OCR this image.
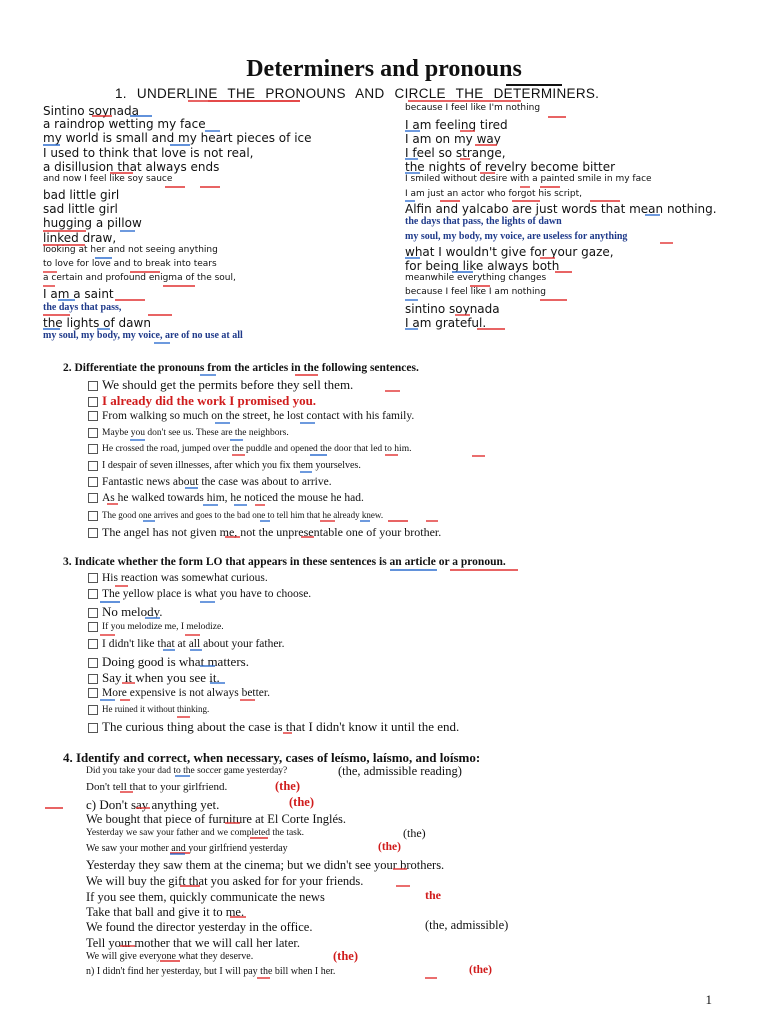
Determiners and pronouns
1. UNDERLINE THE PRONOUNS AND CIRCLE THE DETERMINERS.
Sintino soynada
a raindrop wetting my face
my world is small and my heart pieces of ice
I used to think that love is not real,
a disillusion that always ends
and now I feel like soy sauce
bad little girl
sad little girl
hugging a pillow
linked draw,
looking at her and not seeing anything
to love for love and to break into tears
a certain and profound enigma of the soul,
I am a saint
the days that pass,
the lights of dawn
my soul, my body, my voice, are of no use at all
because I feel like I'm nothing
I am feeling tired
I am on my way
I feel so strange,
the nights of revelry become bitter
I smiled without desire with a painted smile in my face
I am just an actor who forgot his script,
Alfin and yalcabo are just words that mean nothing.
the days that pass, the lights of dawn
my soul, my body, my voice, are useless for anything
what I wouldn't give for your gaze,
for being like always both
meanwhile everything changes
because I feel like I am nothing
sintino soynada
I am grateful.
2. Differentiate the pronouns from the articles in the following sentences.
We should get the permits before they sell them.
I already did the work I promised you.
From walking so much on the street, he lost contact with his family.
Maybe you don't see us. These are the neighbors.
He crossed the road, jumped over the puddle and opened the door that led to him.
I despair of seven illnesses, after which you fix them yourselves.
Fantastic news about the case was about to arrive.
As he walked towards him, he noticed the mouse he had.
The good one arrives and goes to the bad one to tell him that he already knew.
The angel has not given me, not the unpresentable one of your brother.
3. Indicate whether the form LO that appears in these sentences is an article or a pronoun.
His reaction was somewhat curious.
The yellow place is what you have to choose.
No melody.
If you melodize me, I melodize.
I didn't like that at all about your father.
Doing good is what matters.
Say it when you see it.
More expensive is not always better.
He ruined it without thinking.
The curious thing about the case is that I didn't know it until the end.
4. Identify and correct, when necessary, cases of leísmo, laísmo, and loísmo:
Did you take your dad to the soccer game yesterday?	(the, admissible reading)
Don't tell that to your girlfriend.	(the)
c) Don't say anything yet.	(the)
We bought that piece of furniture at El Corte Inglés.
Yesterday we saw your father and we completed the task.	(the)
We saw your mother and your girlfriend yesterday	(the)
Yesterday they saw them at the cinema; but we didn't see your brothers.
We will buy the gift that you asked for for your friends.
If you see them, quickly communicate the news	the
Take that ball and give it to me.
We found the director yesterday in the office.	(the, admissible)
Tell your mother that we will call her later.
We will give everyone what they deserve.	(the)
n) I didn't find her yesterday, but I will pay the bill when I her.	(the)
1
